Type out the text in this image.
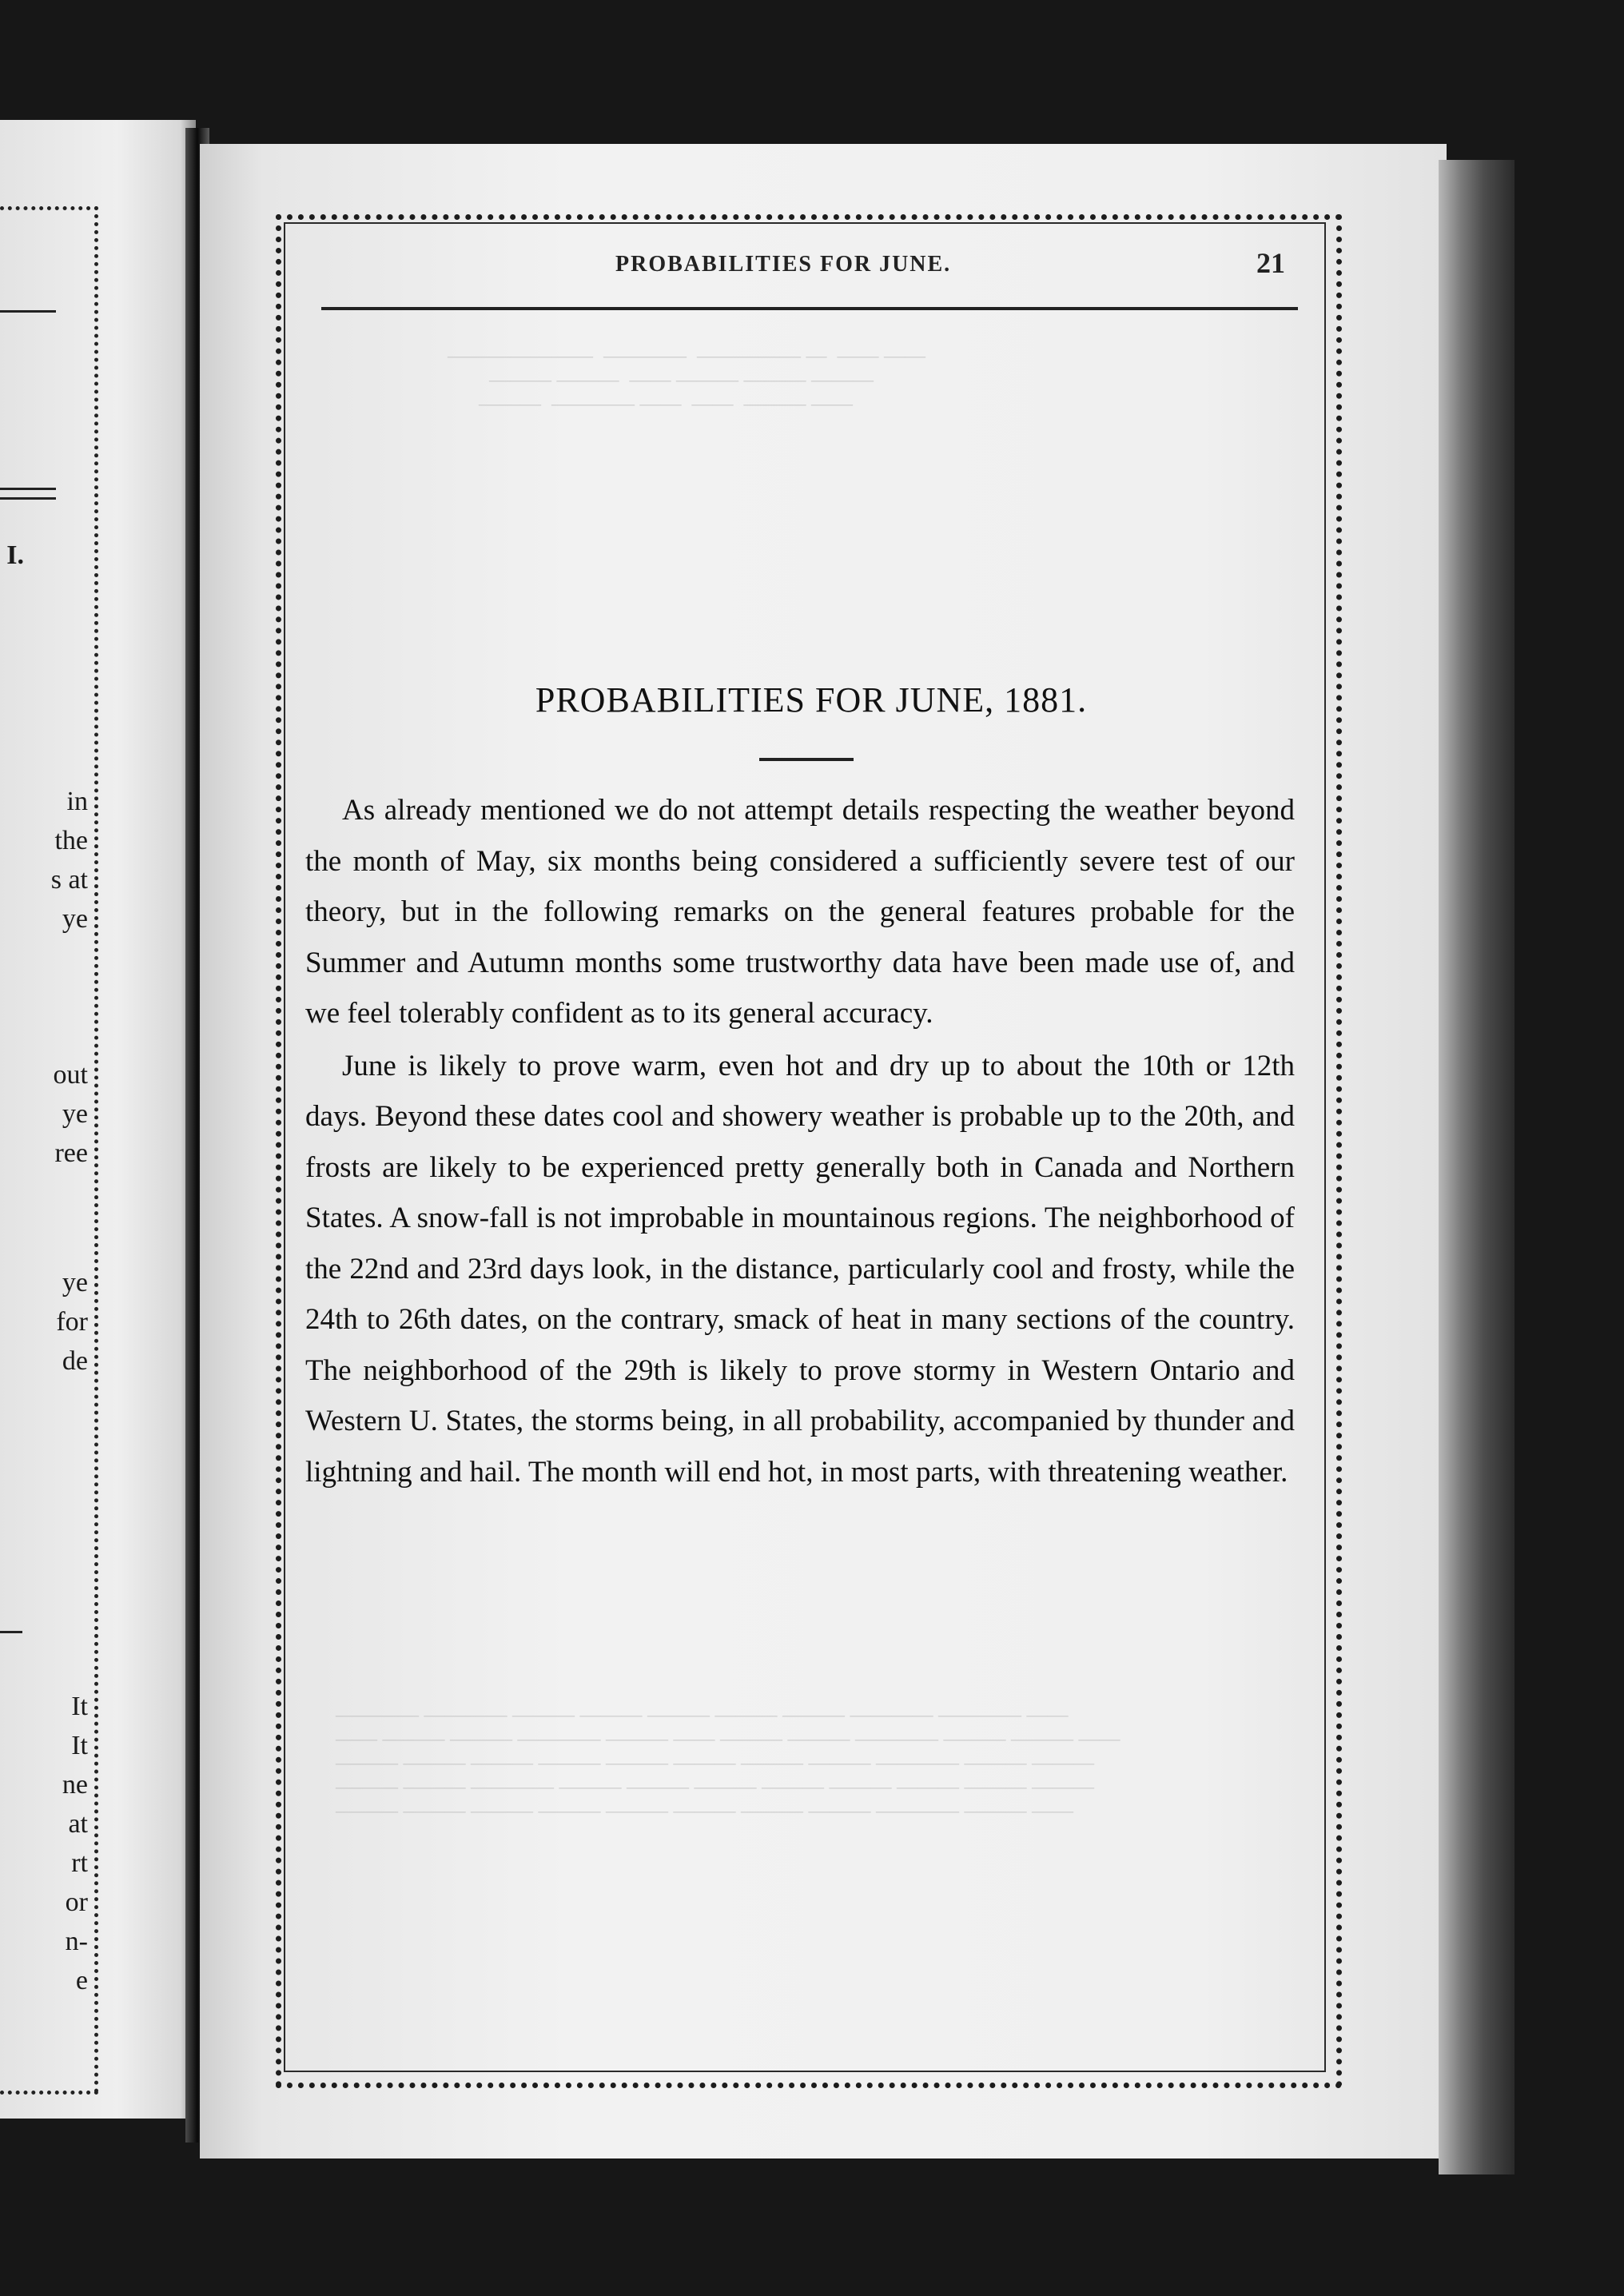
I.
in
the
s at
ye
out
ye
ree
ye
for
de
It
It
ne
at
rt
or
n-
e
———————  ————  ————— —  —— ——
——— ———  —— ——— ——— ———
———  ———— ——  ——  ——— ——
———— ———— ——— ——— ——— ——— ——— ———— ———— ——
—— ——— ——— ———— ——— —— ——— ——— ———— ——— ——— ——
——— ——— ——— ——— ——— ——— ——— ——— ———— ——— ———
——— ——— ———— ——— ——— ——— ——— ——— ——— ——— ———
——— ——— ——— ——— ——— ——— ——— ——— ———— ——— ——
PROBABILITIES FOR JUNE.	21
PROBABILITIES FOR JUNE, 1881.

As already mentioned we do not attempt details respecting the weather beyond the month of May, six months being considered a sufficiently severe test of our theory, but in the following remarks on the general features probable for the Summer and Autumn months some trustworthy data have been made use of, and we feel tolerably confident as to its general accuracy.

June is likely to prove warm, even hot and dry up to about the 10th or 12th days. Beyond these dates cool and showery weather is probable up to the 20th, and frosts are likely to be experienced pretty generally both in Canada and Northern States. A snow-fall is not improbable in mountainous regions. The neighborhood of the 22nd and 23rd days look, in the distance, particularly cool and frosty, while the 24th to 26th dates, on the contrary, smack of heat in many sections of the country. The neighborhood of the 29th is likely to prove stormy in Western Ontario and Western U. States, the storms being, in all probability, accompanied by thunder and lightning and hail. The month will end hot, in most parts, with threatening weather.
